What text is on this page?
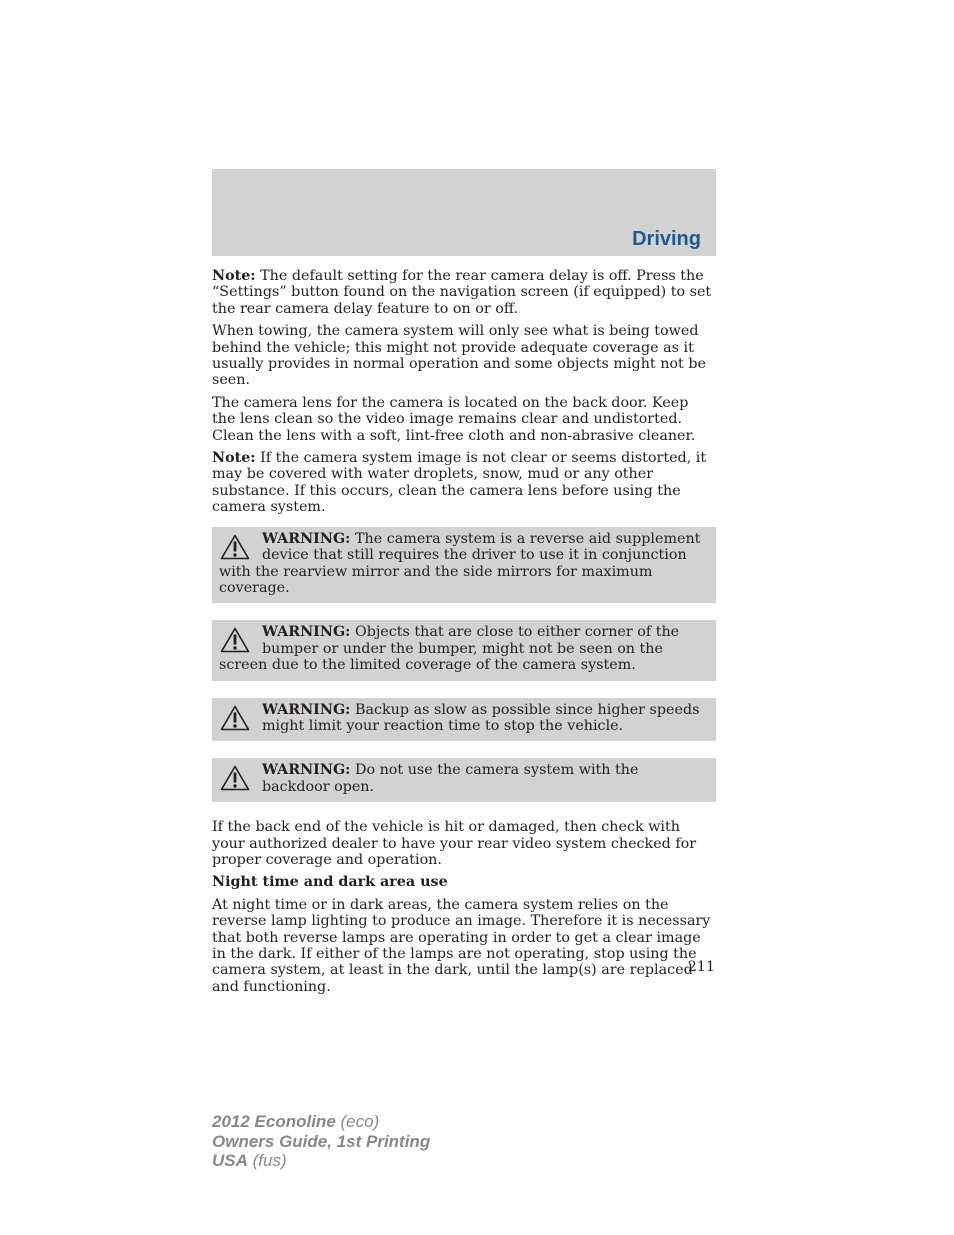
Driving

Note: The default setting for the rear camera delay is off. Press the “Settings” button found on the navigation screen (if equipped) to set the rear camera delay feature to on or off.

When towing, the camera system will only see what is being towed behind the vehicle; this might not provide adequate coverage as it usually provides in normal operation and some objects might not be seen.

The camera lens for the camera is located on the back door. Keep the lens clean so the video image remains clear and undistorted. Clean the lens with a soft, lint-free cloth and non-abrasive cleaner.

Note: If the camera system image is not clear or seems distorted, it may be covered with water droplets, snow, mud or any other substance. If this occurs, clean the camera lens before using the camera system.

WARNING: The camera system is a reverse aid supplement device that still requires the driver to use it in conjunction with the rearview mirror and the side mirrors for maximum coverage.

WARNING: Objects that are close to either corner of the bumper or under the bumper, might not be seen on the screen due to the limited coverage of the camera system.

WARNING: Backup as slow as possible since higher speeds might limit your reaction time to stop the vehicle.

WARNING: Do not use the camera system with the backdoor open.

If the back end of the vehicle is hit or damaged, then check with your authorized dealer to have your rear video system checked for proper coverage and operation.

Night time and dark area use

At night time or in dark areas, the camera system relies on the reverse lamp lighting to produce an image. Therefore it is necessary that both reverse lamps are operating in order to get a clear image in the dark. If either of the lamps are not operating, stop using the camera system, at least in the dark, until the lamp(s) are replaced and functioning.

211
2012 Econoline (eco)
Owners Guide, 1st Printing
USA (fus)
